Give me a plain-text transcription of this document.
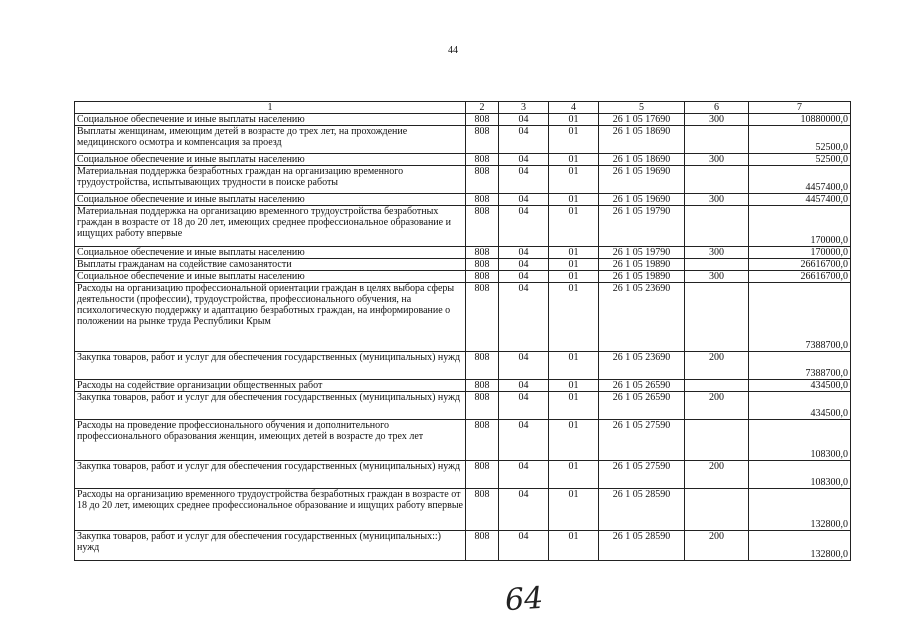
44
1	2	3	4	5	6	7
Социальное обеспечение и иные выплаты населению	808	04	01	26 1 05 17690	300	10880000,0
Выплаты женщинам, имеющим детей в возрасте до трех лет, на прохождение медицинского осмотра и компенсация за проезд	808	04	01	26 1 05 18690		52500,0
Социальное обеспечение и иные выплаты населению	808	04	01	26 1 05 18690	300	52500,0
Материальная поддержка безработных граждан на организацию временного трудоустройства, испытывающих трудности в поиске работы	808	04	01	26 1 05 19690		4457400,0
Социальное обеспечение и иные выплаты населению	808	04	01	26 1 05 19690	300	4457400,0
Материальная поддержка на организацию временного трудоустройства безработных граждан в возрасте от 18 до 20 лет, имеющих среднее профессиональное образование и ищущих работу впервые	808	04	01	26 1 05 19790		170000,0
Социальное обеспечение и иные выплаты населению	808	04	01	26 1 05 19790	300	170000,0
Выплаты гражданам на содействие самозанятости	808	04	01	26 1 05 19890		26616700,0
Социальное обеспечение и иные выплаты населению	808	04	01	26 1 05 19890	300	26616700,0
Расходы на организацию профессиональной ориентации граждан в целях выбора сферы деятельности (профессии), трудоустройства, профессионального обучения, на психологическую поддержку и адаптацию безработных граждан, на информирование о положении на рынке труда Республики Крым	808	04	01	26 1 05 23690		7388700,0
Закупка товаров, работ и услуг для обеспечения государственных (муниципальных) нужд	808	04	01	26 1 05 23690	200	7388700,0
Расходы на содействие организации общественных работ	808	04	01	26 1 05 26590		434500,0
Закупка товаров, работ и услуг для обеспечения государственных (муниципальных) нужд	808	04	01	26 1 05 26590	200	434500,0
Расходы на проведение профессионального обучения и дополнительного профессионального образования женщин, имеющих детей в возрасте до трех лет	808	04	01	26 1 05 27590		108300,0
Закупка товаров, работ и услуг для обеспечения государственных (муниципальных) нужд	808	04	01	26 1 05 27590	200	108300,0
Расходы на организацию временного трудоустройства безработных граждан в возрасте от 18 до 20 лет, имеющих среднее профессиональное образование и ищущих работу впервые	808	04	01	26 1 05 28590		132800,0
Закупка товаров, работ и услуг для обеспечения государственных (муниципальных::) нужд	808	04	01	26 1 05 28590	200	132800,0
64
